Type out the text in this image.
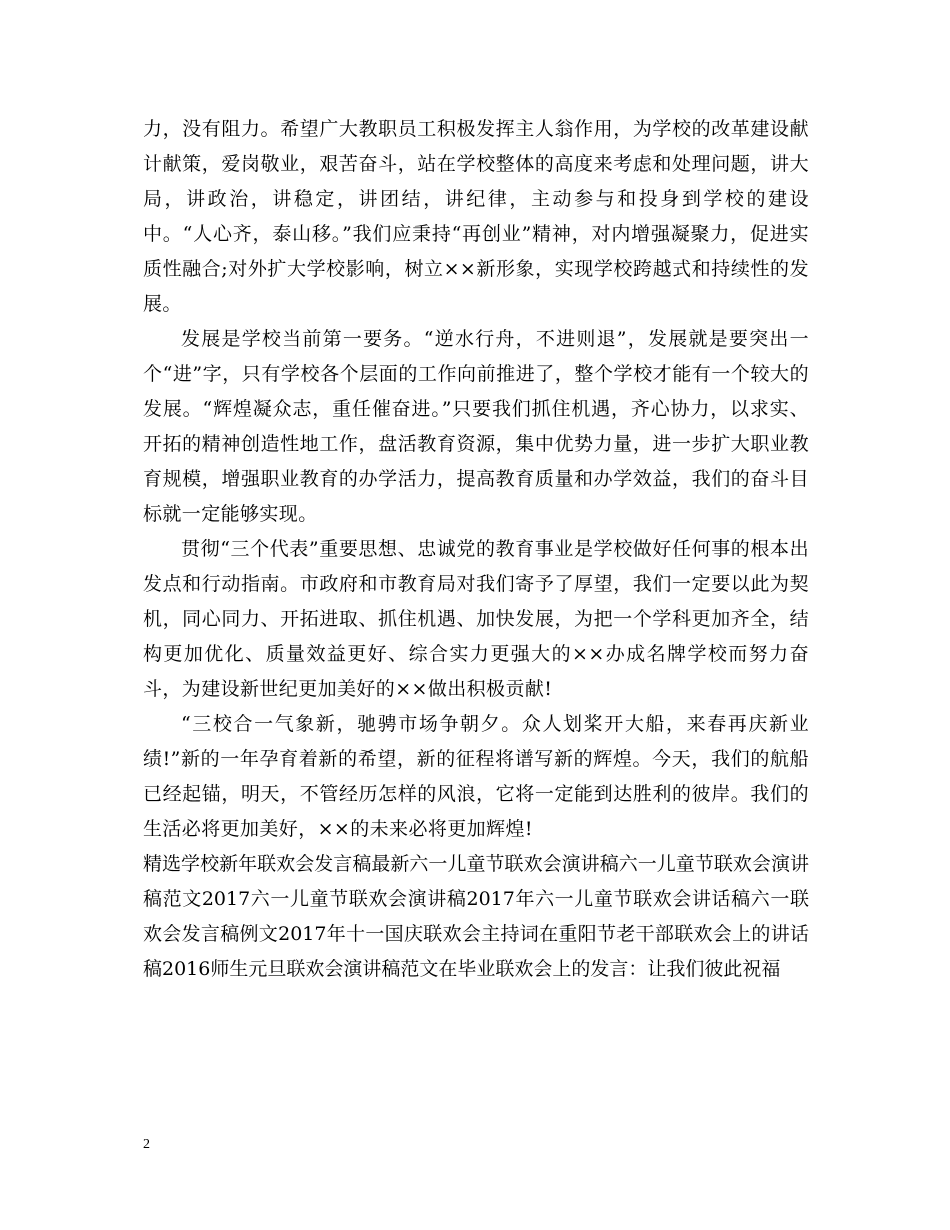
力，没有阻力。希望广大教职员工积极发挥主人翁作用，为学校的改革建设献计献策，爱岗敬业，艰苦奋斗，站在学校整体的高度来考虑和处理问题，讲大局，讲政治，讲稳定，讲团结，讲纪律，主动参与和投身到学校的建设中。“人心齐，泰山移。”我们应秉持“再创业”精神，对内增强凝聚力，促进实质性融合;对外扩大学校影响，树立××新形象，实现学校跨越式和持续性的发展。

发展是学校当前第一要务。“逆水行舟，不进则退”，发展就是要突出一个“进”字，只有学校各个层面的工作向前推进了，整个学校才能有一个较大的发展。“辉煌凝众志，重任催奋进。”只要我们抓住机遇，齐心协力，以求实、开拓的精神创造性地工作，盘活教育资源，集中优势力量，进一步扩大职业教育规模，增强职业教育的办学活力，提高教育质量和办学效益，我们的奋斗目标就一定能够实现。

贯彻“三个代表”重要思想、忠诚党的教育事业是学校做好任何事的根本出发点和行动指南。市政府和市教育局对我们寄予了厚望，我们一定要以此为契机，同心同力、开拓进取、抓住机遇、加快发展，为把一个学科更加齐全，结构更加优化、质量效益更好、综合实力更强大的××办成名牌学校而努力奋斗，为建设新世纪更加美好的××做出积极贡献!

“三校合一气象新，驰骋市场争朝夕。众人划桨开大船，来春再庆新业绩!”新的一年孕育着新的希望，新的征程将谱写新的辉煌。今天，我们的航船已经起锚，明天，不管经历怎样的风浪，它将一定能到达胜利的彼岸。我们的生活必将更加美好，××的未来必将更加辉煌!

精选学校新年联欢会发言稿最新六一儿童节联欢会演讲稿六一儿童节联欢会演讲稿范文2017六一儿童节联欢会演讲稿2017年六一儿童节联欢会讲话稿六一联欢会发言稿例文2017年十一国庆联欢会主持词在重阳节老干部联欢会上的讲话稿2016师生元旦联欢会演讲稿范文在毕业联欢会上的发言：让我们彼此祝福

2
